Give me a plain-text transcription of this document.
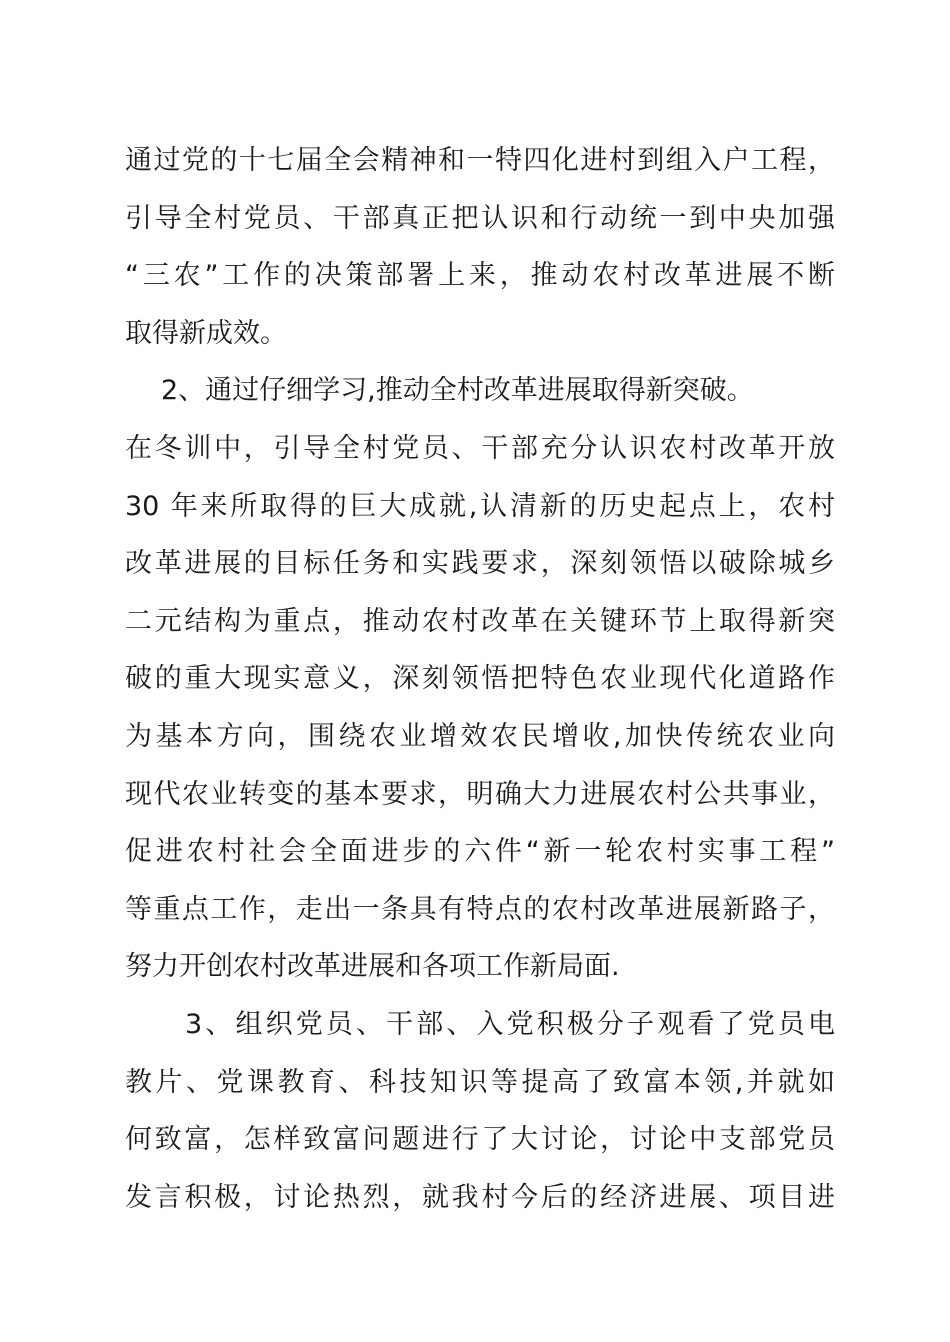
通过党的十七届全会精神和一特四化进村到组入户工程，
引导全村党员、干部真正把认识和行动统一到中央加强
“三农”工作的决策部署上来，推动农村改革进展不断
取得新成效。
2、通过仔细学习,推动全村改革进展取得新突破。
在冬训中，引导全村党员、干部充分认识农村改革开放
30 年来所取得的巨大成就,认清新的历史起点上，农村
改革进展的目标任务和实践要求，深刻领悟以破除城乡
二元结构为重点，推动农村改革在关键环节上取得新突
破的重大现实意义，深刻领悟把特色农业现代化道路作
为基本方向，围绕农业增效农民增收,加快传统农业向
现代农业转变的基本要求，明确大力进展农村公共事业，
促进农村社会全面进步的六件“新一轮农村实事工程”
等重点工作，走出一条具有特点的农村改革进展新路子，
努力开创农村改革进展和各项工作新局面.
3、组织党员、干部、入党积极分子观看了党员电
教片、党课教育、科技知识等提高了致富本领,并就如
何致富，怎样致富问题进行了大讨论，讨论中支部党员
发言积极，讨论热烈，就我村今后的经济进展、项目进
